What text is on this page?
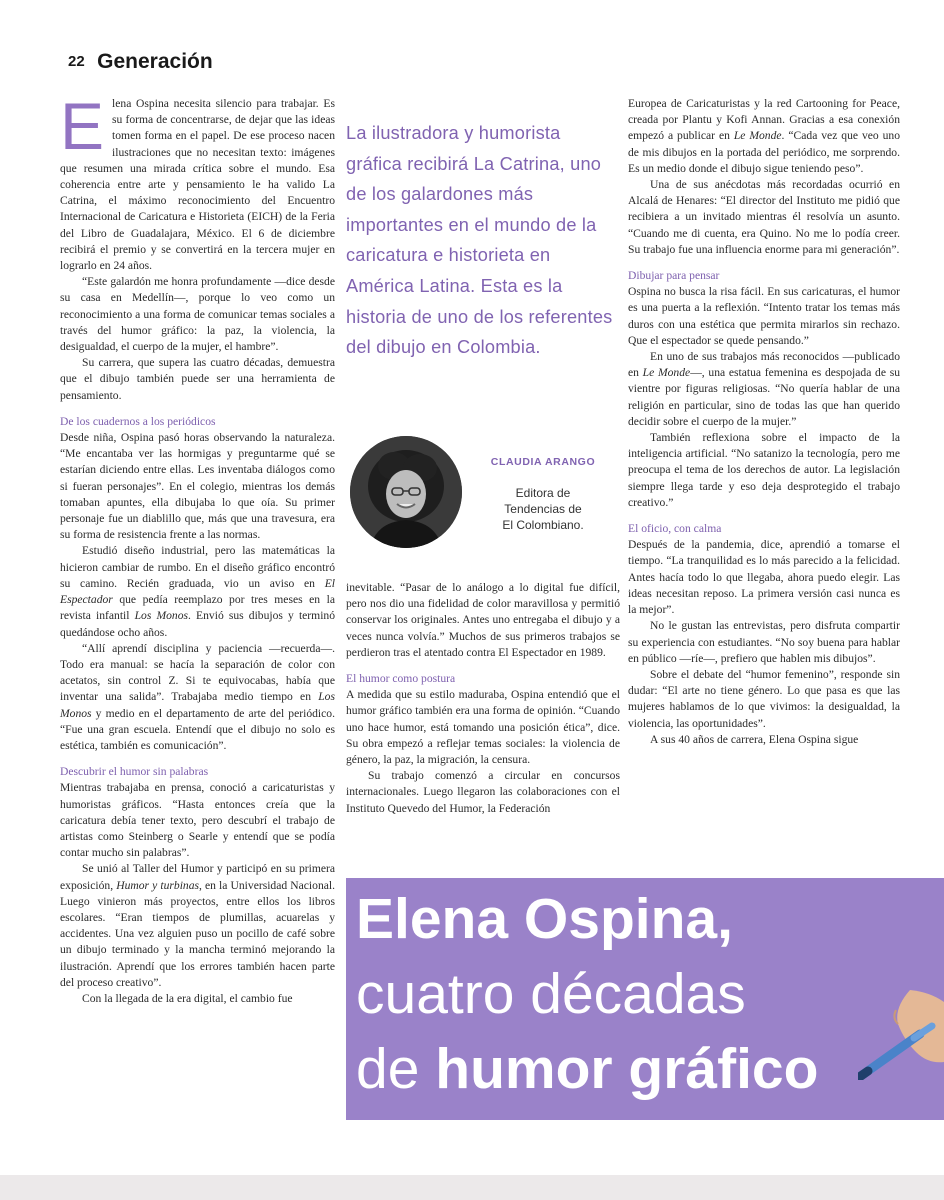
22 Generación

Elena Ospina necesita silencio para trabajar. Es su forma de concentrarse, de dejar que las ideas tomen forma en el papel. De ese proceso nacen ilustraciones que no necesitan texto: imágenes que resumen una mirada crítica sobre el mundo. Esa coherencia entre arte y pensamiento le ha valido La Catrina, el máximo reconocimiento del Encuentro Internacional de Caricatura e Historieta (EICH) de la Feria del Libro de Guadalajara, México. El 6 de diciembre recibirá el premio y se convertirá en la tercera mujer en lograrlo en 24 años.

“Este galardón me honra profundamente —dice desde su casa en Medellín—, porque lo veo como un reconocimiento a una forma de comunicar temas sociales a través del humor gráfico: la paz, la violencia, la desigualdad, el cuerpo de la mujer, el hambre”.

Su carrera, que supera las cuatro décadas, demuestra que el dibujo también puede ser una herramienta de pensamiento.

De los cuadernos a los periódicos

Desde niña, Ospina pasó horas observando la naturaleza. “Me encantaba ver las hormigas y preguntarme qué se estarían diciendo entre ellas. Les inventaba diálogos como si fueran personajes”. En el colegio, mientras los demás tomaban apuntes, ella dibujaba lo que oía. Su primer personaje fue un diablillo que, más que una travesura, era su forma de resistencia frente a las normas.

Estudió diseño industrial, pero las matemáticas la hicieron cambiar de rumbo. En el diseño gráfico encontró su camino. Recién graduada, vio un aviso en El Espectador que pedía reemplazo por tres meses en la revista infantil Los Monos. Envió sus dibujos y terminó quedándose ocho años.

“Allí aprendí disciplina y paciencia —recuerda—. Todo era manual: se hacía la separación de color con acetatos, sin control Z. Si te equivocabas, había que inventar una salida”. Trabajaba medio tiempo en Los Monos y medio en el departamento de arte del periódico. “Fue una gran escuela. Entendí que el dibujo no solo es estética, también es comunicación”.

Descubrir el humor sin palabras

Mientras trabajaba en prensa, conoció a caricaturistas y humoristas gráficos. “Hasta entonces creía que la caricatura debía tener texto, pero descubrí el trabajo de artistas como Steinberg o Searle y entendí que se podía contar mucho sin palabras”.

Se unió al Taller del Humor y participó en su primera exposición, Humor y turbinas, en la Universidad Nacional. Luego vinieron más proyectos, entre ellos los libros escolares. “Eran tiempos de plumillas, acuarelas y accidentes. Una vez alguien puso un pocillo de café sobre un dibujo terminado y la mancha terminó mejorando la ilustración. Aprendí que los errores también hacen parte del proceso creativo”.

Con la llegada de la era digital, el cambio fue

La ilustradora y humorista gráfica recibirá La Catrina, uno de los galardones más importantes en el mundo de la caricatura e historieta en América Latina. Esta es la historia de uno de los referentes del dibujo en Colombia.
CLAUDIA ARANGO
Editora de
Tendencias de
El Colombiano.

inevitable. “Pasar de lo análogo a lo digital fue difícil, pero nos dio una fidelidad de color maravillosa y permitió conservar los originales. Antes uno entregaba el dibujo y a veces nunca volvía.” Muchos de sus primeros trabajos se perdieron tras el atentado contra El Espectador en 1989.

El humor como postura

A medida que su estilo maduraba, Ospina entendió que el humor gráfico también era una forma de opinión. “Cuando uno hace humor, está tomando una posición ética”, dice. Su obra empezó a reflejar temas sociales: la violencia de género, la paz, la migración, la censura.

Su trabajo comenzó a circular en concursos internacionales. Luego llegaron las colaboraciones con el Instituto Quevedo del Humor, la Federación

Europea de Caricaturistas y la red Cartooning for Peace, creada por Plantu y Kofi Annan. Gracias a esa conexión empezó a publicar en Le Monde. “Cada vez que veo uno de mis dibujos en la portada del periódico, me sorprendo. Es un medio donde el dibujo sigue teniendo peso”.

Una de sus anécdotas más recordadas ocurrió en Alcalá de Henares: “El director del Instituto me pidió que recibiera a un invitado mientras él resolvía un asunto. “Cuando me di cuenta, era Quino. No me lo podía creer. Su trabajo fue una influencia enorme para mi generación”.

Dibujar para pensar

Ospina no busca la risa fácil. En sus caricaturas, el humor es una puerta a la reflexión. “Intento tratar los temas más duros con una estética que permita mirarlos sin rechazo. Que el espectador se quede pensando.”

En uno de sus trabajos más reconocidos —publicado en Le Monde—, una estatua femenina es despojada de su vientre por figuras religiosas. “No quería hablar de una religión en particular, sino de todas las que han querido decidir sobre el cuerpo de la mujer.”

También reflexiona sobre el impacto de la inteligencia artificial. “No satanizo la tecnología, pero me preocupa el tema de los derechos de autor. La legislación siempre llega tarde y eso deja desprotegido el trabajo creativo.”

El oficio, con calma

Después de la pandemia, dice, aprendió a tomarse el tiempo. “La tranquilidad es lo más parecido a la felicidad. Antes hacía todo lo que llegaba, ahora puedo elegir. Las ideas necesitan reposo. La primera versión casi nunca es la mejor”.

No le gustan las entrevistas, pero disfruta compartir su experiencia con estudiantes. “No soy buena para hablar en público —ríe—, prefiero que hablen mis dibujos”.

Sobre el debate del “humor femenino”, responde sin dudar: “El arte no tiene género. Lo que pasa es que las mujeres hablamos de lo que vivimos: la desigualdad, la violencia, las oportunidades”.

A sus 40 años de carrera, Elena Ospina sigue

Elena Ospina,
cuatro décadas
de humor gráfico
